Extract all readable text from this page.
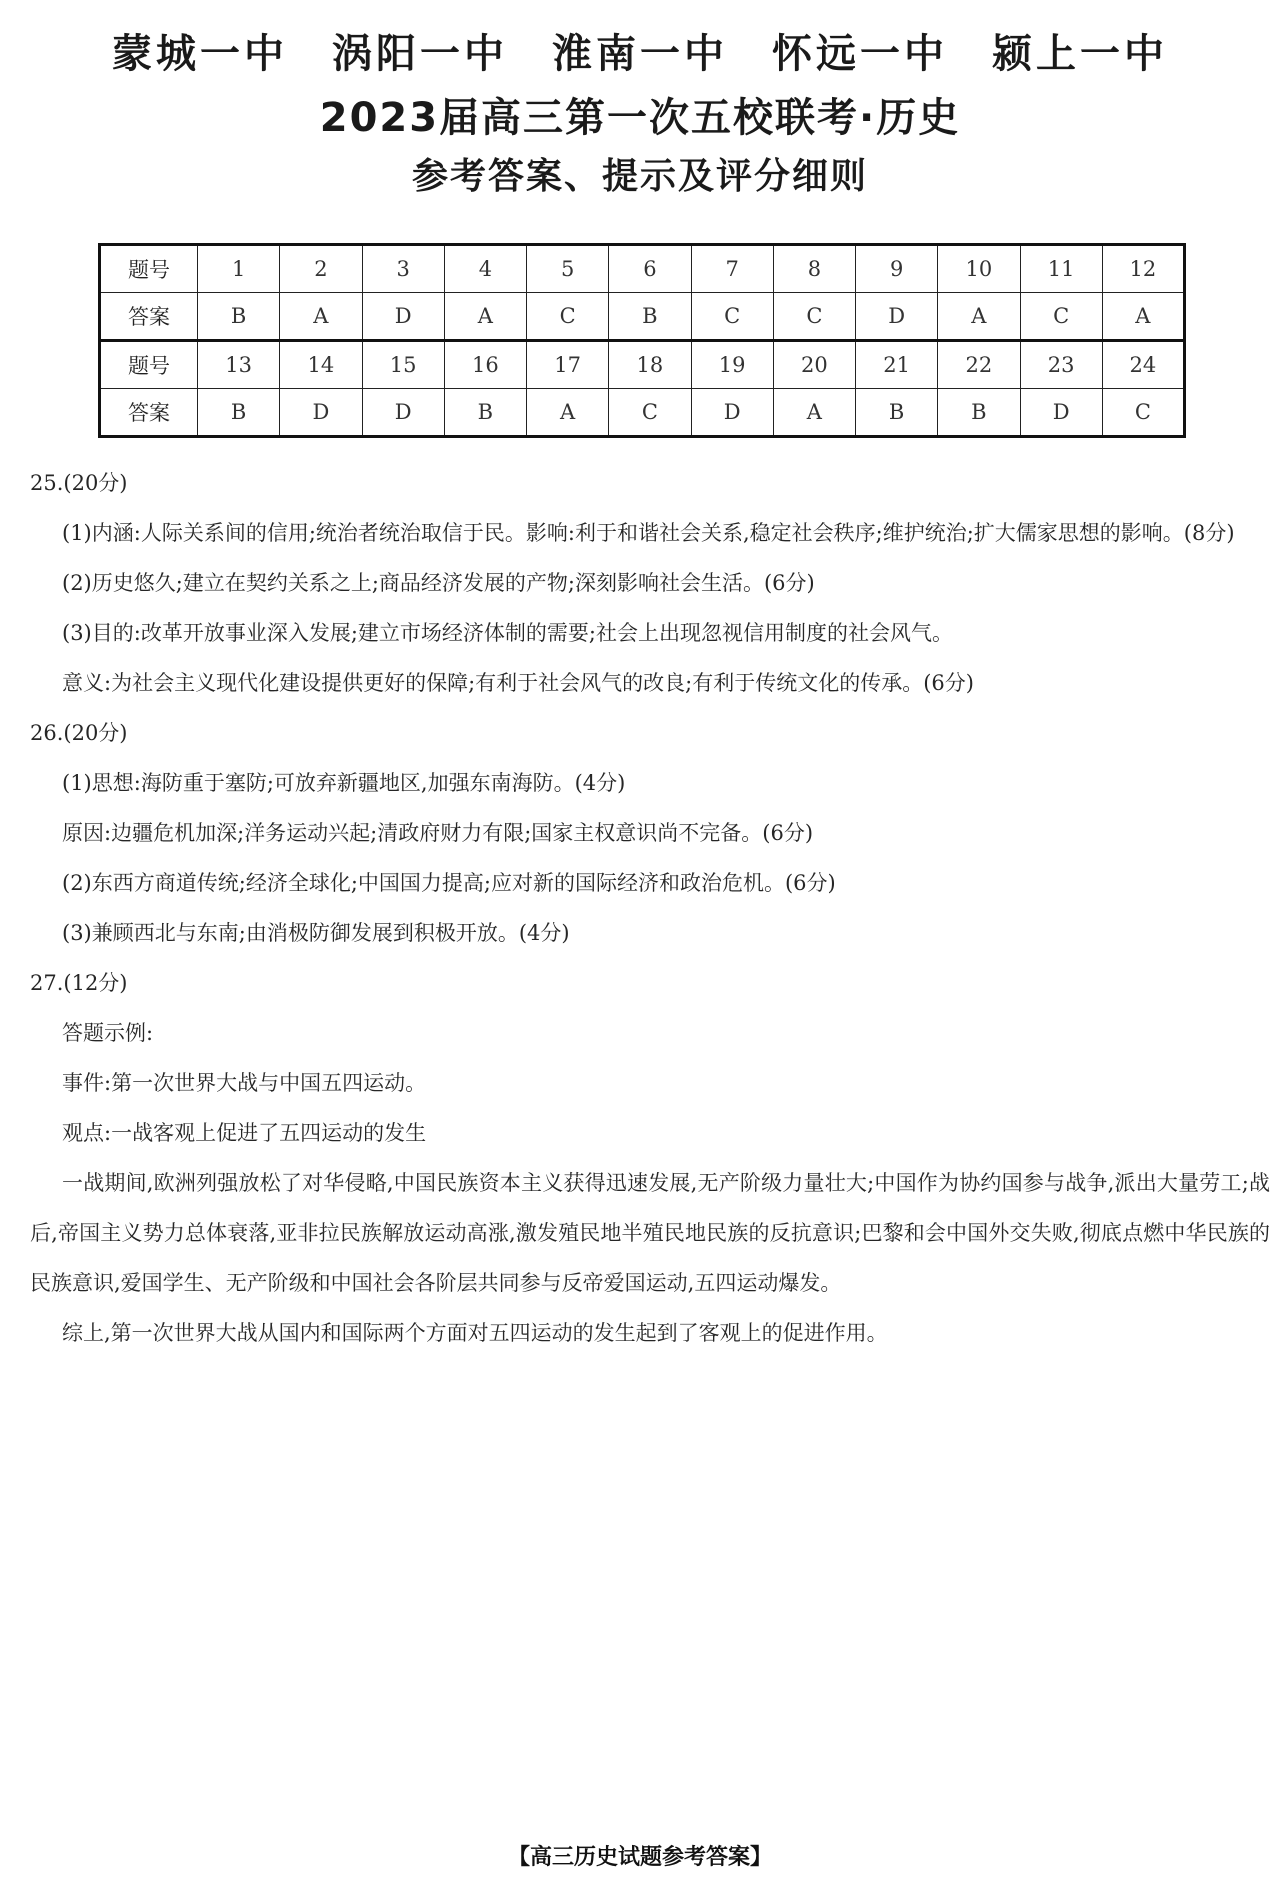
蒙城一中　涡阳一中　淮南一中　怀远一中　颍上一中
2023届高三第一次五校联考·历史
参考答案、提示及评分细则
题号	1	2	3	4	5	6	7	8	9	10	11	12
答案	B	A	D	A	C	B	C	C	D	A	C	A
题号	13	14	15	16	17	18	19	20	21	22	23	24
答案	B	D	D	B	A	C	D	A	B	B	D	C

25.(20分)

(1)内涵:人际关系间的信用;统治者统治取信于民。影响:利于和谐社会关系,稳定社会秩序;维护统治;扩大儒家思想的影响。(8分)

(2)历史悠久;建立在契约关系之上;商品经济发展的产物;深刻影响社会生活。(6分)

(3)目的:改革开放事业深入发展;建立市场经济体制的需要;社会上出现忽视信用制度的社会风气。

意义:为社会主义现代化建设提供更好的保障;有利于社会风气的改良;有利于传统文化的传承。(6分)

26.(20分)

(1)思想:海防重于塞防;可放弃新疆地区,加强东南海防。(4分)

原因:边疆危机加深;洋务运动兴起;清政府财力有限;国家主权意识尚不完备。(6分)

(2)东西方商道传统;经济全球化;中国国力提高;应对新的国际经济和政治危机。(6分)

(3)兼顾西北与东南;由消极防御发展到积极开放。(4分)

27.(12分)

答题示例:

事件:第一次世界大战与中国五四运动。

观点:一战客观上促进了五四运动的发生

一战期间,欧洲列强放松了对华侵略,中国民族资本主义获得迅速发展,无产阶级力量壮大;中国作为协约国参与战争,派出大量劳工;战后,帝国主义势力总体衰落,亚非拉民族解放运动高涨,激发殖民地半殖民地民族的反抗意识;巴黎和会中国外交失败,彻底点燃中华民族的民族意识,爱国学生、无产阶级和中国社会各阶层共同参与反帝爱国运动,五四运动爆发。

综上,第一次世界大战从国内和国际两个方面对五四运动的发生起到了客观上的促进作用。

【高三历史试题参考答案】
